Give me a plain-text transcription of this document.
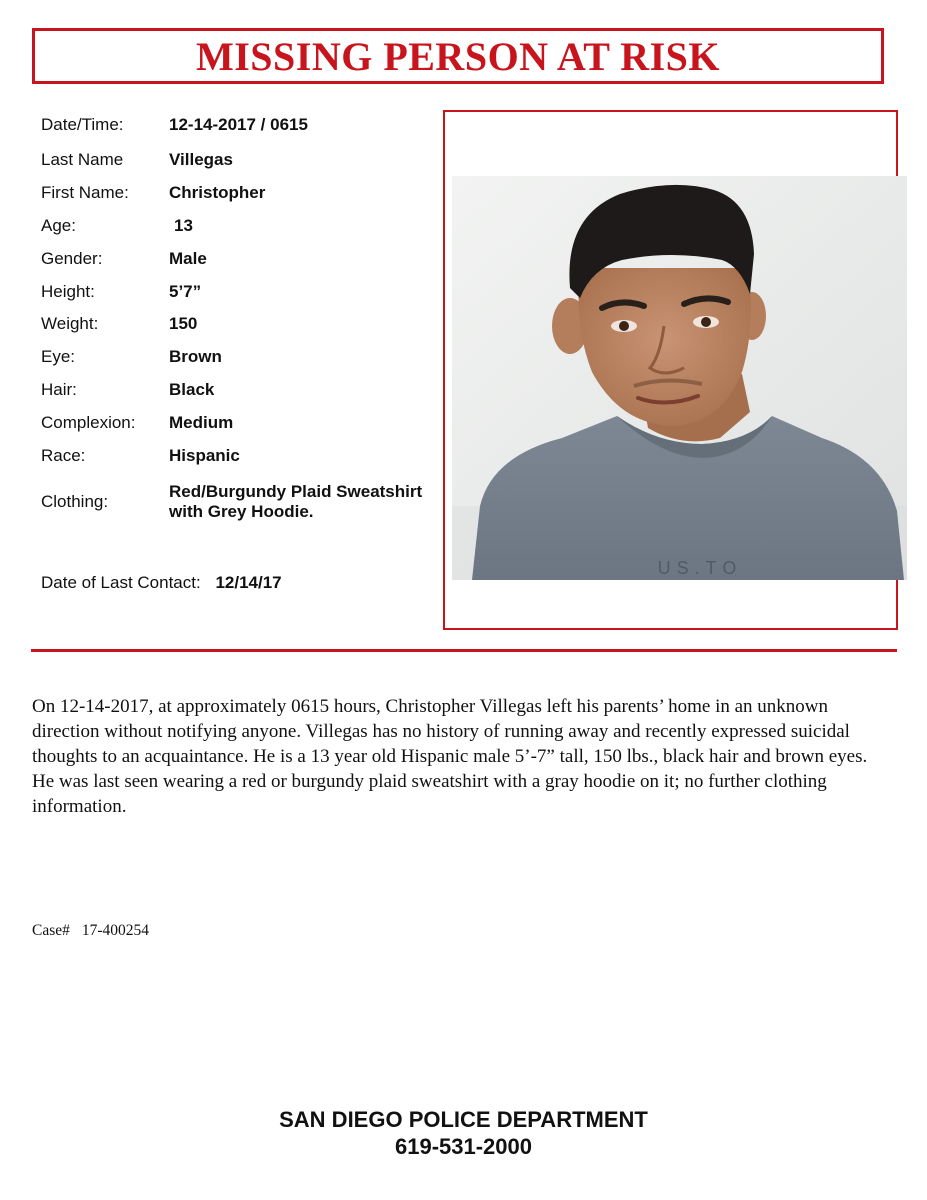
MISSING PERSON AT RISK
Date/Time:	12-14-2017 / 0615
Last Name	Villegas
First Name:	Christopher
Age:	13
Gender:	Male
Height:	5’7”
Weight:	150
Eye:	Brown
Hair:	Black
Complexion:	Medium
Race:	Hispanic
Clothing:
Red/Burgundy Plaid Sweatshirt with Grey Hoodie.
Date of Last Contact: 12/14/17
US.TO
On 12-14-2017, at approximately 0615 hours, Christopher Villegas left his parents’ home in an unknown direction without notifying anyone. Villegas has no history of running away and recently expressed suicidal thoughts to an acquaintance. He is a 13 year old Hispanic male 5’-7” tall, 150 lbs., black hair and brown eyes. He was last seen wearing a red or burgundy plaid sweatshirt with a gray hoodie on it; no further clothing information.
Case# 17-400254
SAN DIEGO POLICE DEPARTMENT
619-531-2000
